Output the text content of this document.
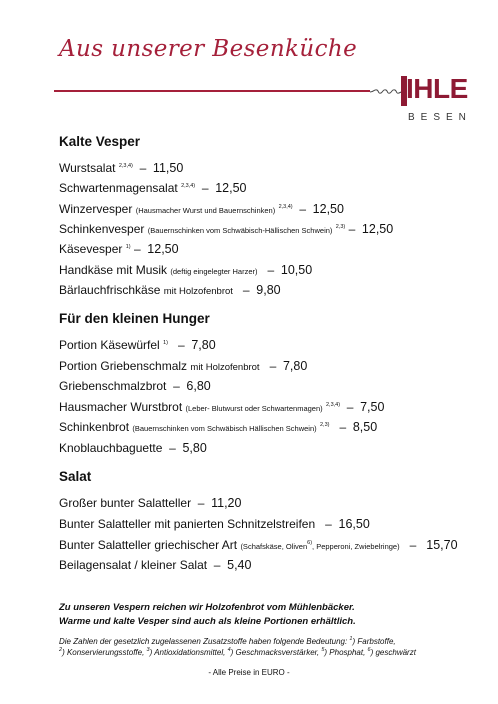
Aus unserer Besenküche
IHLE
BESEN
Kalte Vesper
Wurstsalat $^{2,3,4)}$  –  11,50
Schwartenmagensalat $^{2,3,4)}$  –  12,50
Winzervesper (Hausmacher Wurst und Bauernschinken) $^{2,3,4)}$  –  12,50
Schinkenvesper (Bauernschinken vom Schwäbisch-Hällischen Schwein) $^{2,3)}$ –  12,50
Käsevesper $^{1)}$ –  12,50
Handkäse mit Musik (deftig eingelegter Harzer)   –  10,50
Bärlauchfrischkäse mit Holzofenbrot   –  9,80
Für den kleinen Hunger
Portion Käsewürfel $^{1)}$   –  7,80
Portion Griebenschmalz mit Holzofenbrot   –  7,80
Griebenschmalzbrot  –  6,80
Hausmacher Wurstbrot (Leber- Blutwurst oder Schwartenmagen) $^{2,3,4)}$  –  7,50
Schinkenbrot (Bauernschinken vom Schwäbisch Hällischen Schwein) $^{2,3)}$   –  8,50
Knoblauchbaguette  –  5,80
Salat
Großer bunter Salatteller  –  11,20
Bunter Salatteller mit panierten Schnitzelstreifen   –  16,50
Bunter Salatteller griechischer Art (Schafskäse, Oliven$^{6)}$, Pepperoni, Zwiebelringe)   –   15,70
Beilagensalat / kleiner Salat  –  5,40
Zu unseren Vespern reichen wir Holzofenbrot vom Mühlenbäcker.
Warme und kalte Vesper sind auch als kleine Portionen erhältlich.
Die Zahlen der gesetzlich zugelassenen Zusatzstoffe haben folgende Bedeutung: $^1$) Farbstoffe,
$^2$) Konservierungsstoffe, $^3$) Antioxidationsmittel, $^4$) Geschmacksverstärker, $^5$) Phosphat, $^6$) geschwärzt
- Alle Preise in EURO -
